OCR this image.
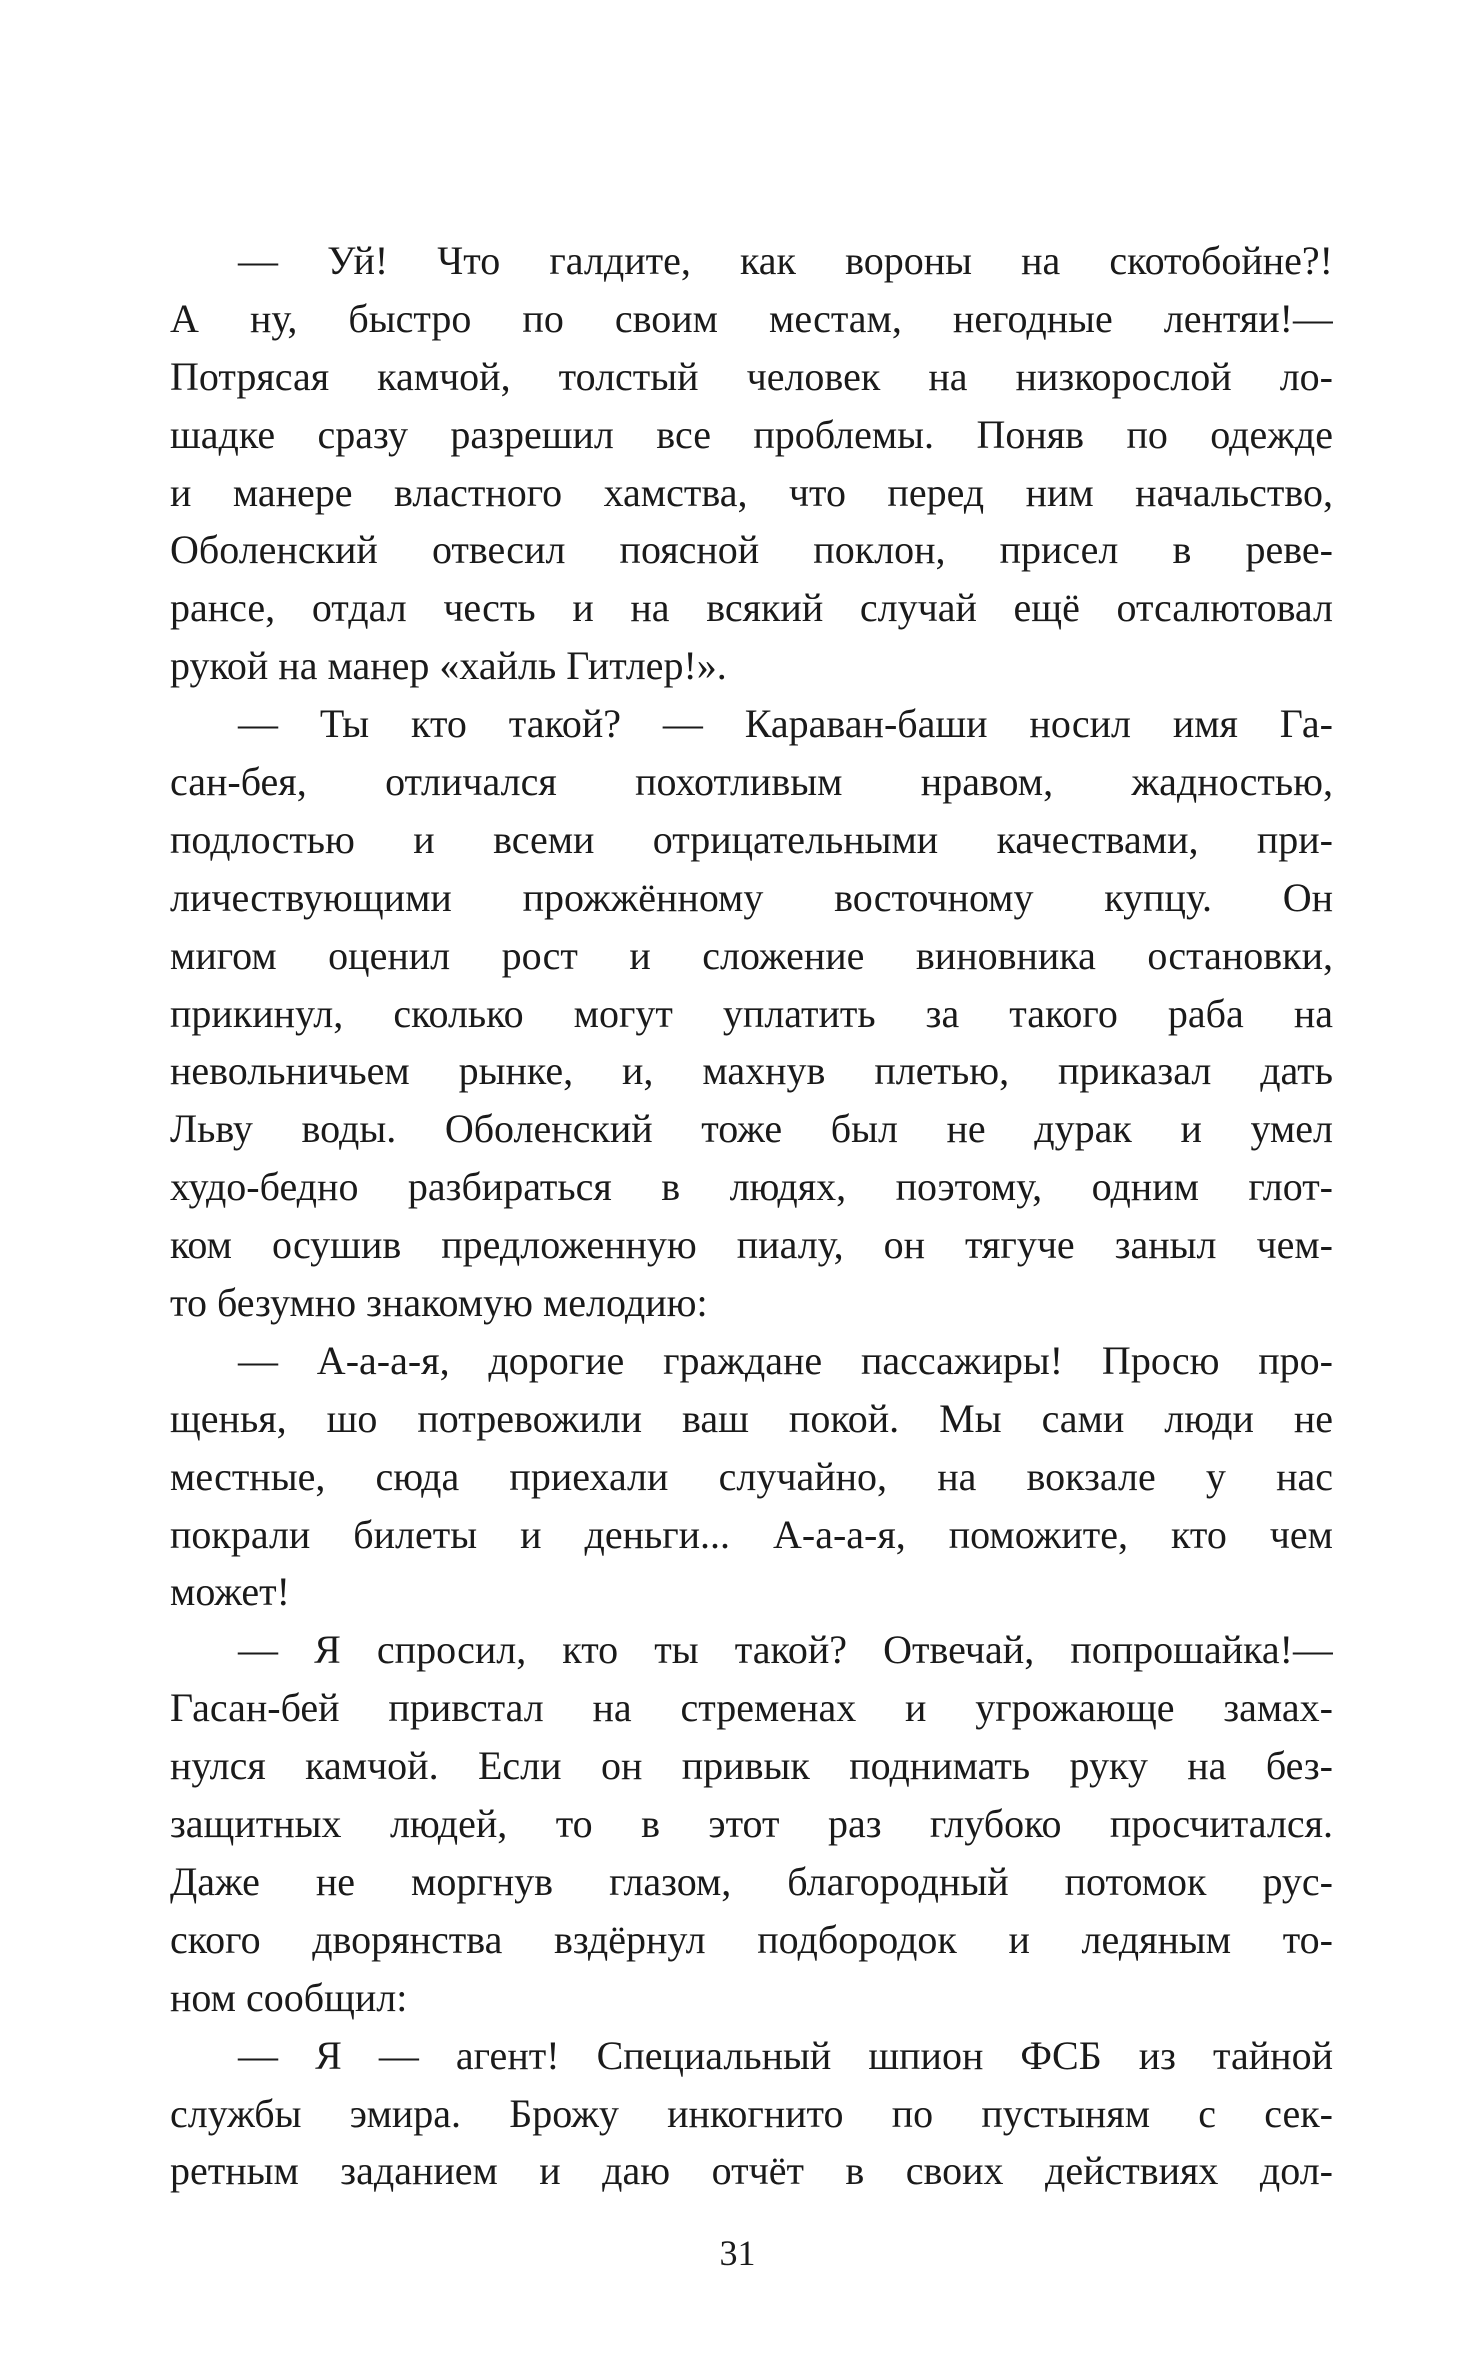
— Уй! Что галдите, как вороны на скотобойне?!
А ну, быстро по своим местам, негодные лентяи!—
Потрясая камчой, толстый человек на низкорослой ло-
шадке сразу разрешил все проблемы. Поняв по одежде
и манере властного хамства, что перед ним начальство,
Оболенский отвесил поясной поклон, присел в реве-
рансе, отдал честь и на всякий случай ещё отсалютовал
рукой на манер «хайль Гитлер!».
— Ты кто такой? — Караван-баши носил имя Га-
сан-бея, отличался похотливым нравом, жадностью,
подлостью и всеми отрицательными качествами, при-
личествующими прожжённому восточному купцу. Он
мигом оценил рост и сложение виновника остановки,
прикинул, сколько могут уплатить за такого раба на
невольничьем рынке, и, махнув плетью, приказал дать
Льву воды. Оболенский тоже был не дурак и умел
худо-бедно разбираться в людях, поэтому, одним глот-
ком осушив предложенную пиалу, он тягуче заныл чем-
то безумно знакомую мелодию:
— А-а-а-я, дорогие граждане пассажиры! Просю про-
щенья, шо потревожили ваш покой. Мы сами люди не
местные, сюда приехали случайно, на вокзале у нас
покрали билеты и деньги... А-а-а-я, поможите, кто чем
может!
— Я спросил, кто ты такой? Отвечай, попрошайка!—
Гасан-бей привстал на стременах и угрожающе замах-
нулся камчой. Если он привык поднимать руку на без-
защитных людей, то в этот раз глубоко просчитался.
Даже не моргнув глазом, благородный потомок рус-
ского дворянства вздёрнул подбородок и ледяным то-
ном сообщил:
— Я — агент! Специальный шпион ФСБ из тайной
службы эмира. Брожу инкогнито по пустыням с сек-
ретным заданием и даю отчёт в своих действиях дол-
31
